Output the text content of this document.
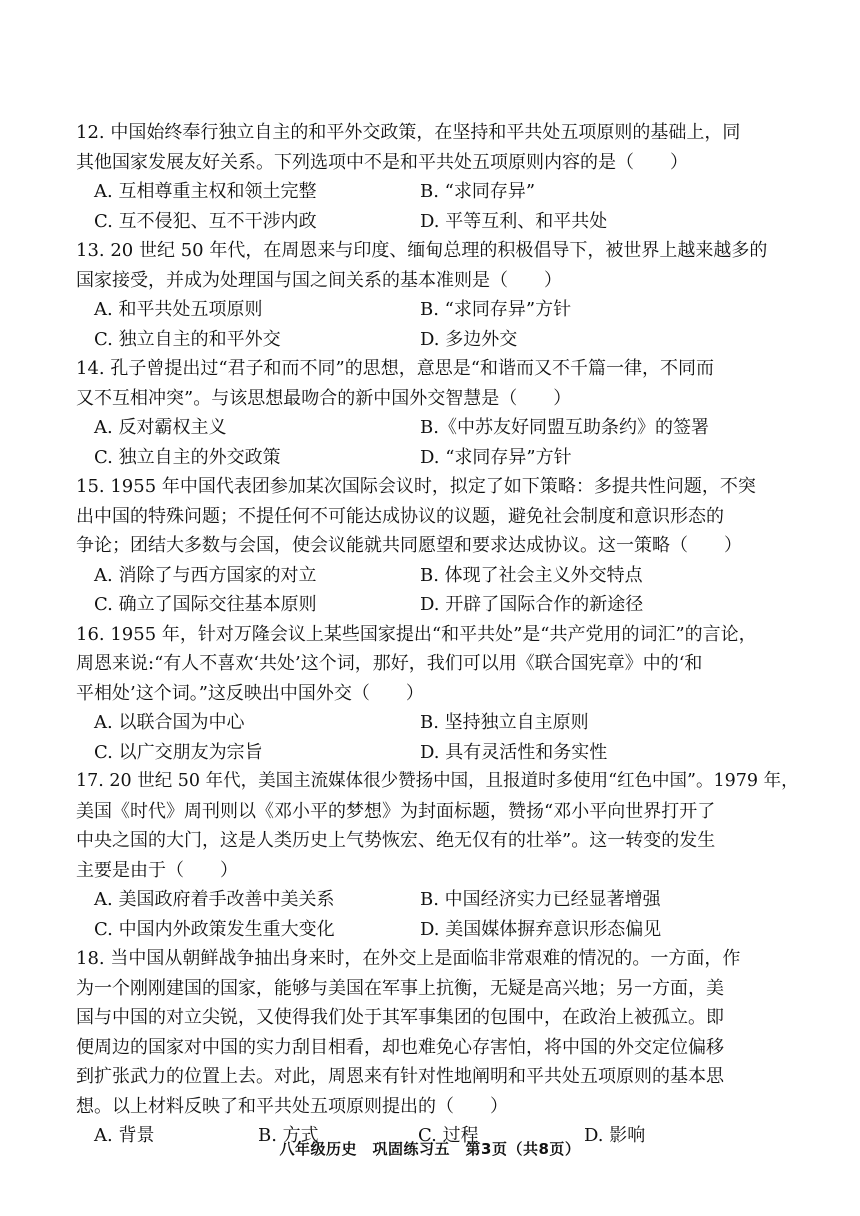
12. 中国始终奉行独立自主的和平外交政策，在坚持和平共处五项原则的基础上，同
其他国家发展友好关系。下列选项中不是和平共处五项原则内容的是（　　）
A. 互相尊重主权和领土完整	B. “求同存异”
C. 互不侵犯、互不干涉内政	D. 平等互利、和平共处
13. 20 世纪 50 年代，在周恩来与印度、缅甸总理的积极倡导下，被世界上越来越多的
国家接受，并成为处理国与国之间关系的基本准则是（　　）
A. 和平共处五项原则	B. “求同存异”方针
C. 独立自主的和平外交	D. 多边外交
14. 孔子曾提出过“君子和而不同”的思想，意思是“和谐而又不千篇一律，不同而
又不互相冲突”。与该思想最吻合的新中国外交智慧是（　　）
A. 反对霸权主义	B.《中苏友好同盟互助条约》的签署
C. 独立自主的外交政策	D. “求同存异”方针
15. 1955 年中国代表团参加某次国际会议时，拟定了如下策略：多提共性问题，不突
出中国的特殊问题；不提任何不可能达成协议的议题，避免社会制度和意识形态的
争论；团结大多数与会国，使会议能就共同愿望和要求达成协议。这一策略（　　）
A. 消除了与西方国家的对立	B. 体现了社会主义外交特点
C. 确立了国际交往基本原则	D. 开辟了国际合作的新途径
16. 1955 年，针对万隆会议上某些国家提出“和平共处”是“共产党用的词汇”的言论，
周恩来说:“有人不喜欢‘共处’这个词，那好，我们可以用《联合国宪章》中的‘和
平相处’这个词。”这反映出中国外交（　　）
A. 以联合国为中心	B. 坚持独立自主原则
C. 以广交朋友为宗旨	D. 具有灵活性和务实性
17. 20 世纪 50 年代，美国主流媒体很少赞扬中国，且报道时多使用“红色中国”。1979 年，
美国《时代》周刊则以《邓小平的梦想》为封面标题，赞扬“邓小平向世界打开了
中央之国的大门，这是人类历史上气势恢宏、绝无仅有的壮举”。这一转变的发生
主要是由于（　　）
A. 美国政府着手改善中美关系	B. 中国经济实力已经显著增强
C. 中国内外政策发生重大变化	D. 美国媒体摒弃意识形态偏见
18. 当中国从朝鲜战争抽出身来时，在外交上是面临非常艰难的情况的。一方面，作
为一个刚刚建国的国家，能够与美国在军事上抗衡，无疑是高兴地；另一方面，美
国与中国的对立尖锐，又使得我们处于其军事集团的包围中，在政治上被孤立。即
便周边的国家对中国的实力刮目相看，却也难免心存害怕，将中国的外交定位偏移
到扩张武力的位置上去。对此，周恩来有针对性地阐明和平共处五项原则的基本思
想。以上材料反映了和平共处五项原则提出的（　　）
A. 背景	B. 方式	C. 过程	D. 影响
八年级历史　巩固练习五　第3页（共8页）
